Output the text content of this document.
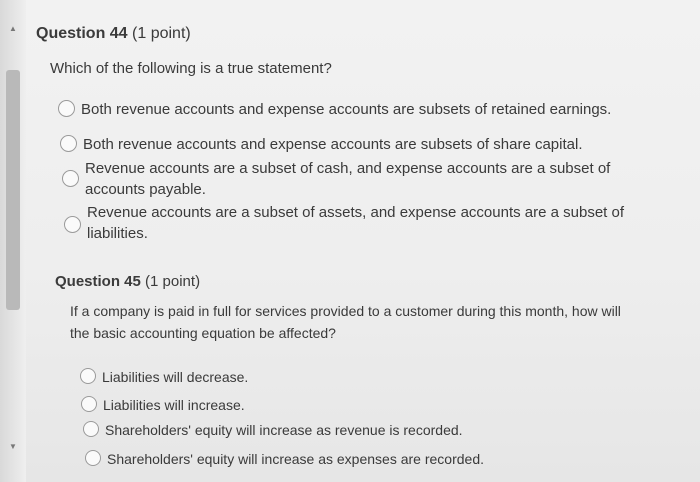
▲
▼
Question 44 (1 point)
Which of the following is a true statement?
Both revenue accounts and expense accounts are subsets of retained earnings.
Both revenue accounts and expense accounts are subsets of share capital.
Revenue accounts are a subset of cash, and expense accounts are a subset of accounts payable.
Revenue accounts are a subset of assets, and expense accounts are a subset of liabilities.
Question 45 (1 point)
If a company is paid in full for services provided to a customer during this month, how will the basic accounting equation be affected?
Liabilities will decrease.
Liabilities will increase.
Shareholders' equity will increase as revenue is recorded.
Shareholders' equity will increase as expenses are recorded.
